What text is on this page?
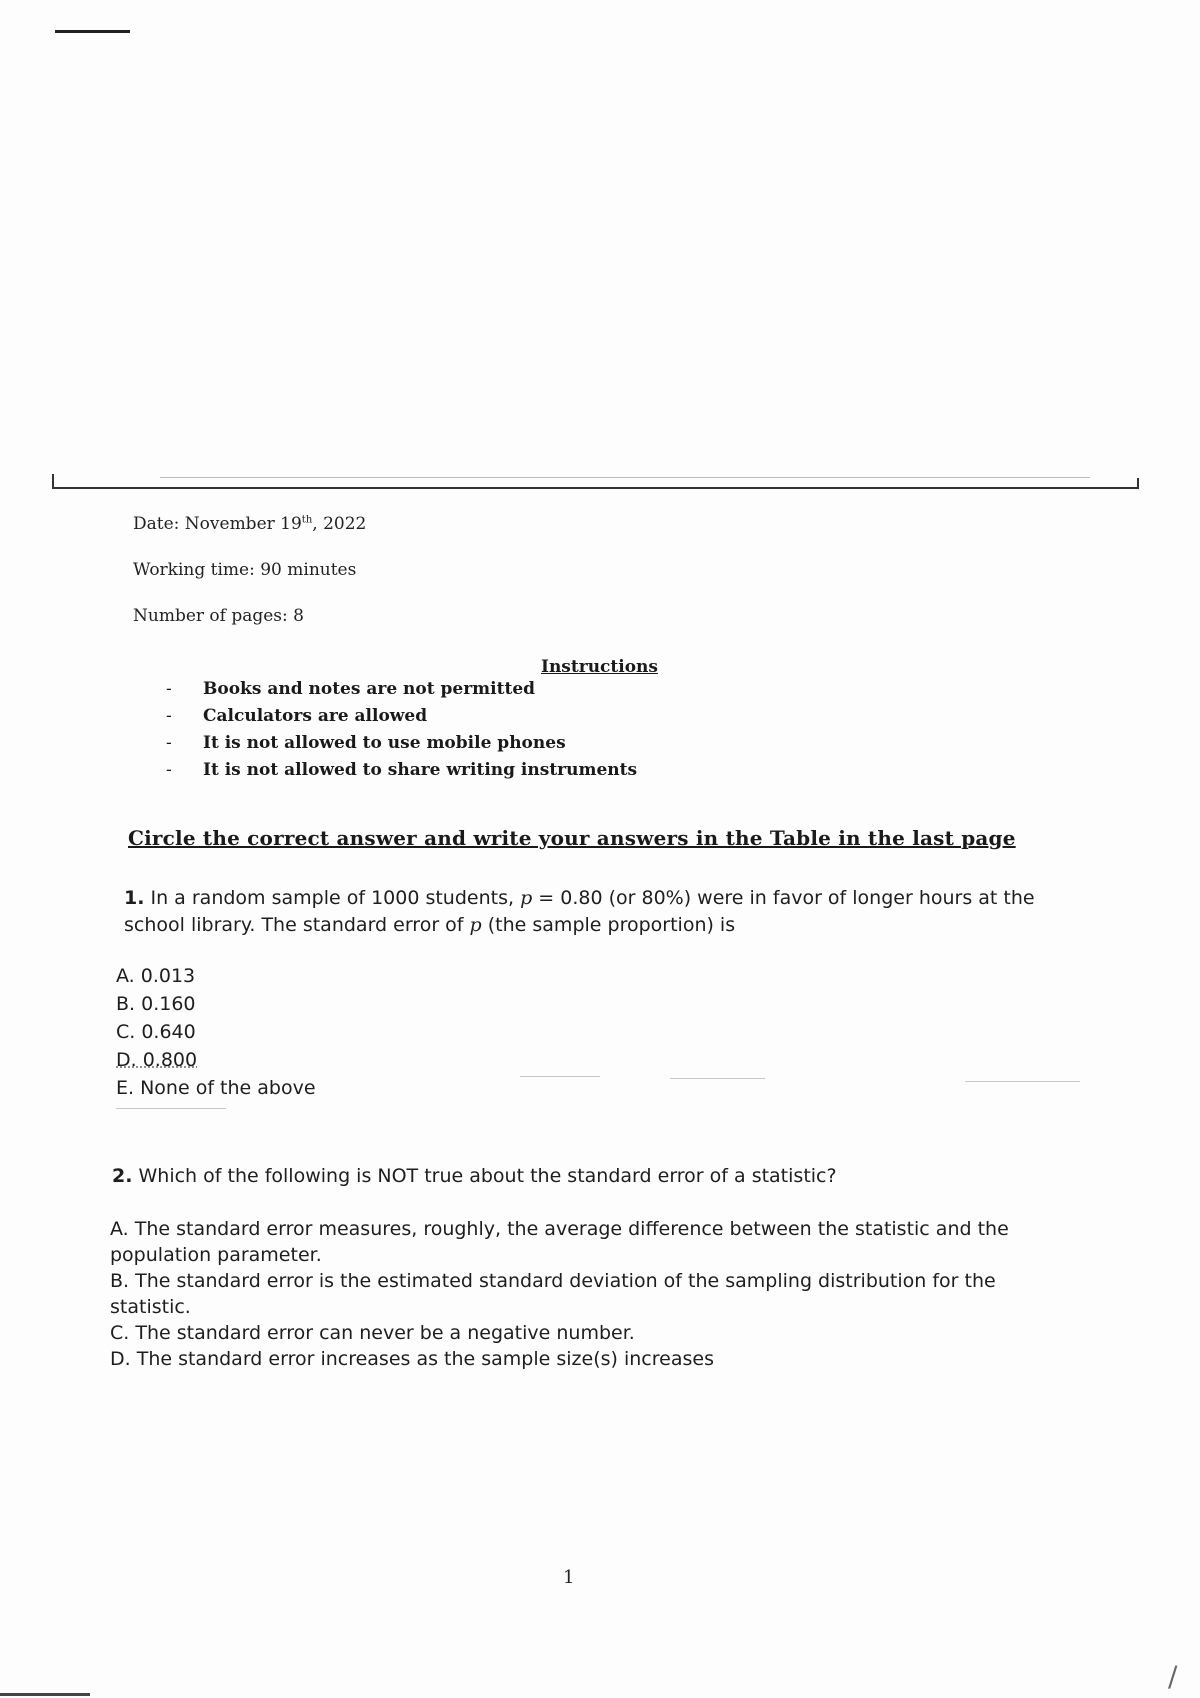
Date: November 19th, 2022
Working time: 90 minutes
Number of pages: 8
Instructions
- Books and notes are not permitted
- Calculators are allowed
- It is not allowed to use mobile phones
- It is not allowed to share writing instruments
Circle the correct answer and write your answers in the Table in the last page
1. In a random sample of 1000 students, p = 0.80 (or 80%) were in favor of longer hours at the school library. The standard error of p (the sample proportion) is
A. 0.013
B. 0.160
C. 0.640
D. 0.800
E. None of the above
2. Which of the following is NOT true about the standard error of a statistic?
A. The standard error measures, roughly, the average difference between the statistic and the population parameter.
B. The standard error is the estimated standard deviation of the sampling distribution for the statistic.
C. The standard error can never be a negative number.
D. The standard error increases as the sample size(s) increases
1
∕
